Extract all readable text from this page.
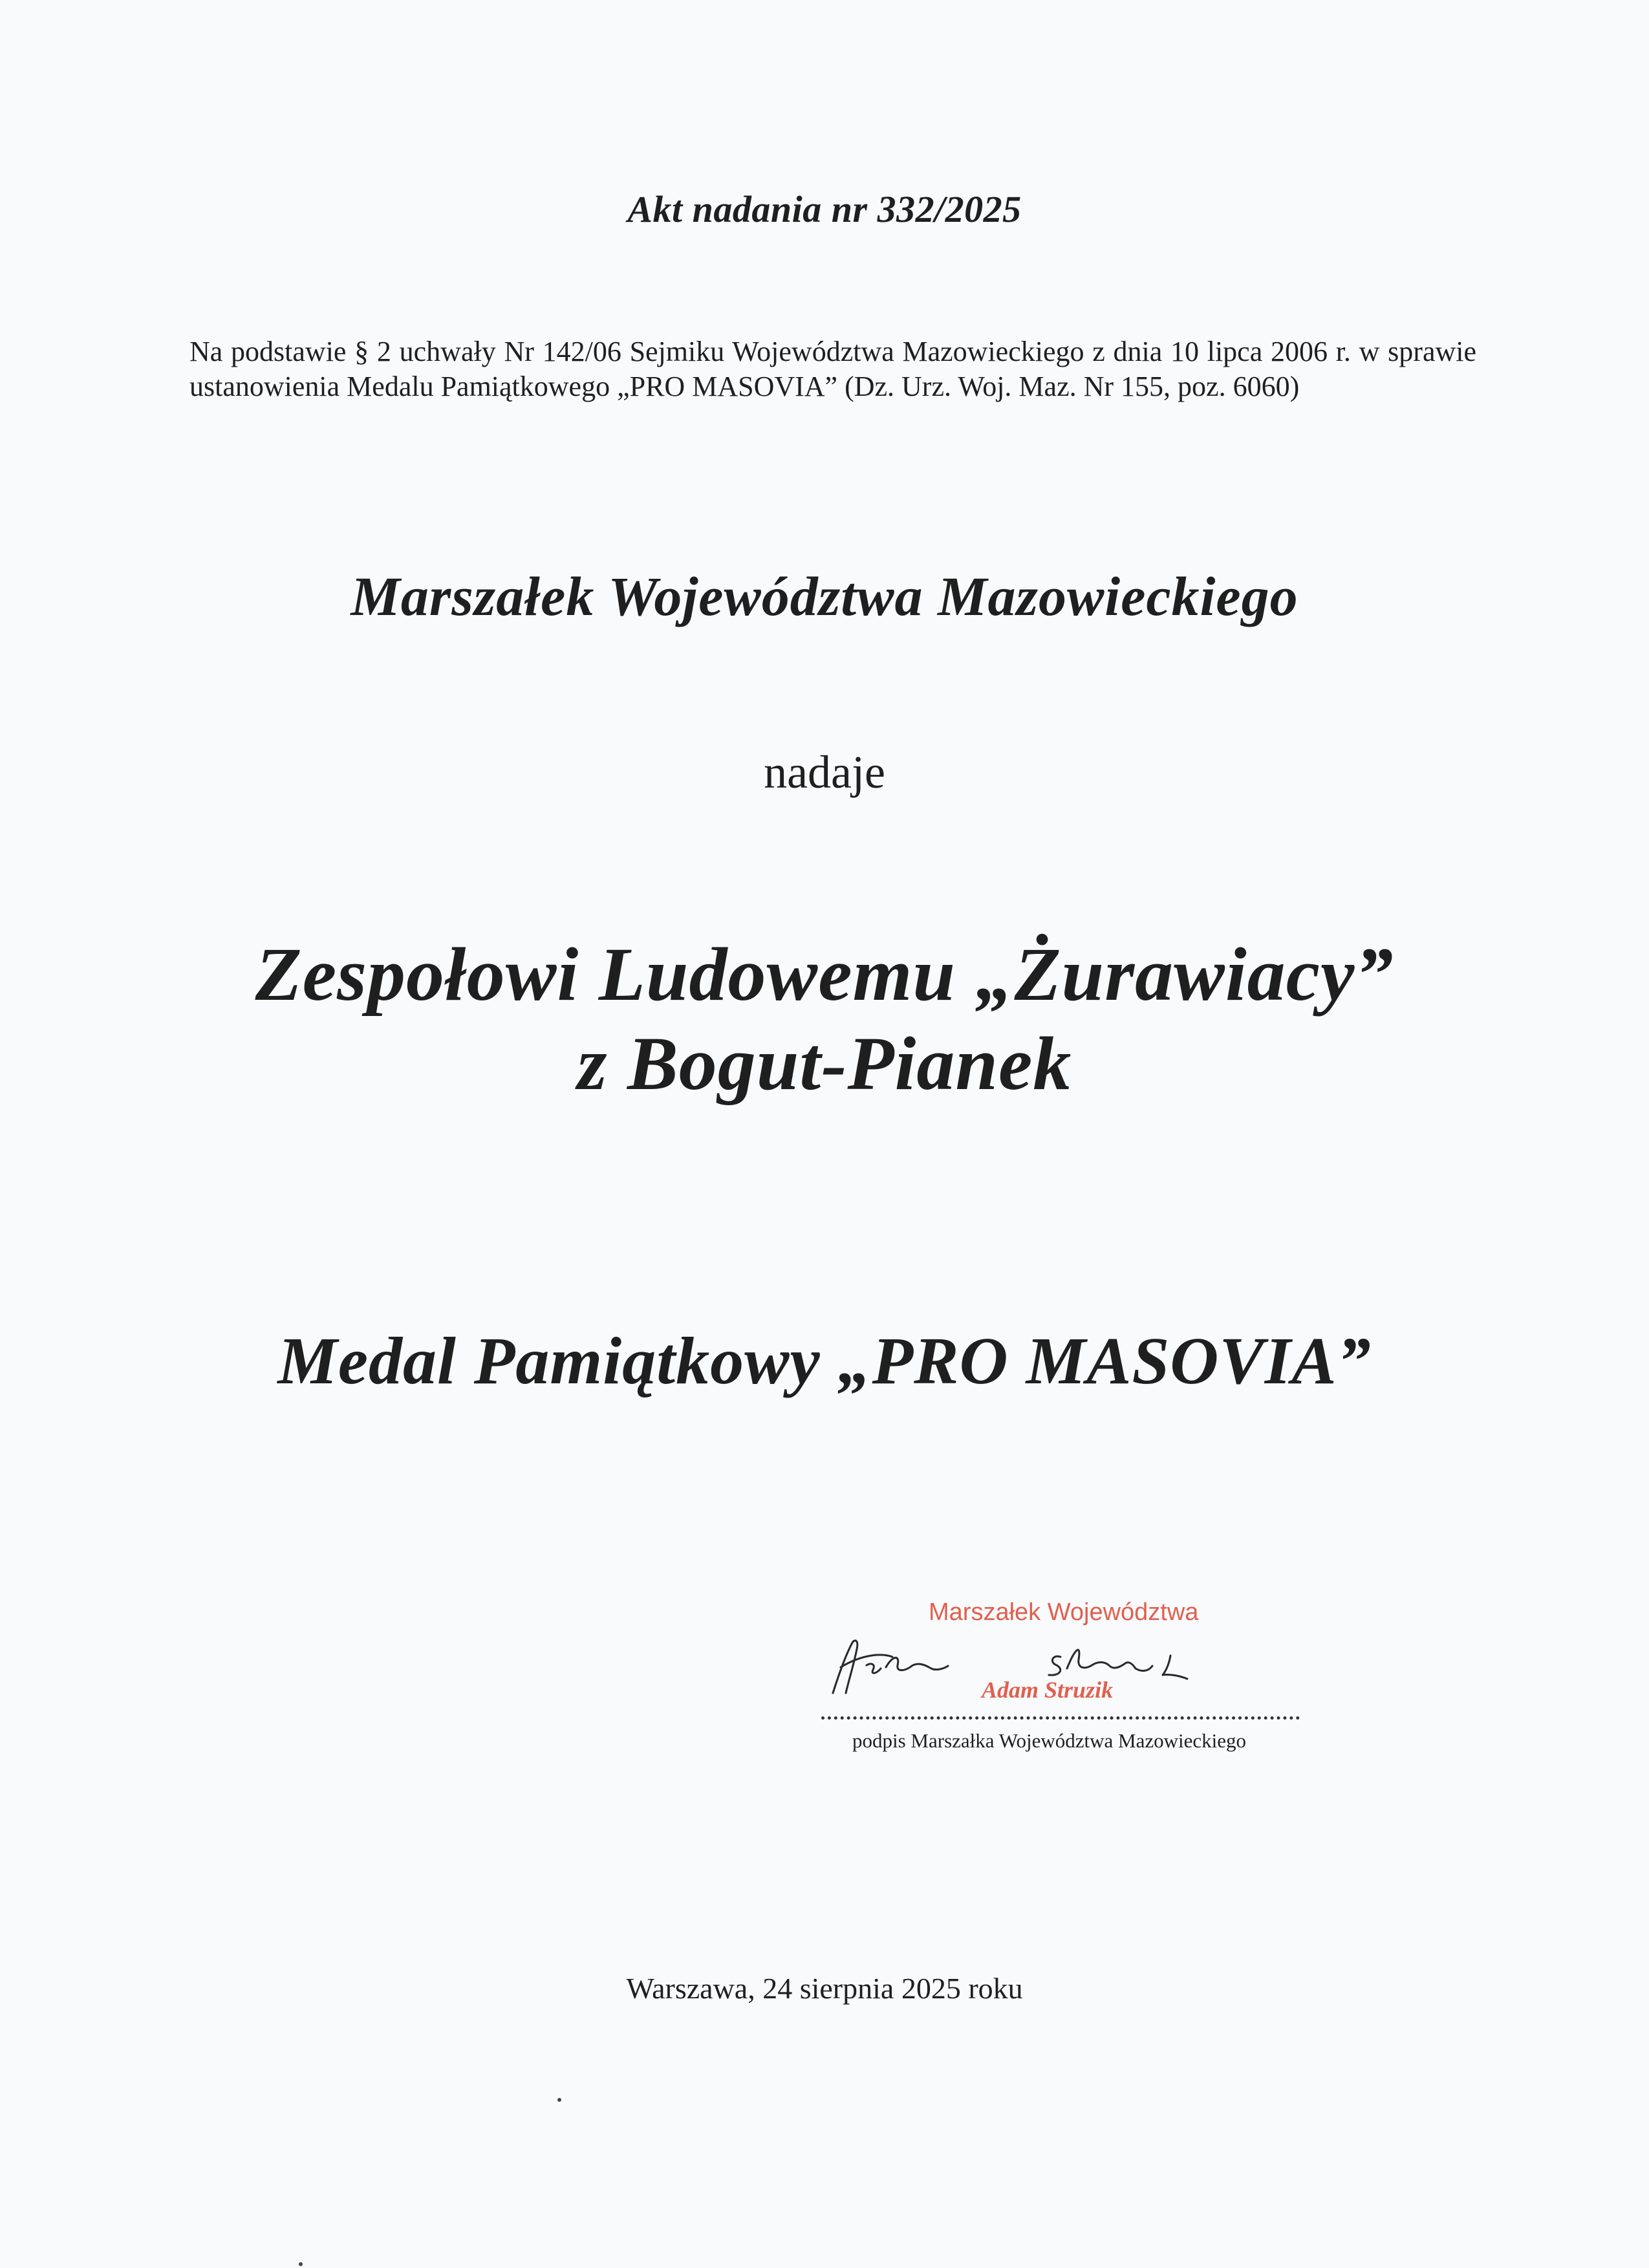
Akt nadania nr 332/2025
Na podstawie § 2 uchwały Nr 142/06 Sejmiku Województwa Mazowieckiego z dnia 10 lipca 2006 r. w sprawie ustanowienia Medalu Pamiątkowego „PRO MASOVIA” (Dz. Urz. Woj. Maz. Nr 155, poz. 6060)
Marszałek Województwa Mazowieckiego
nadaje
Zespołowi Ludowemu „Żurawiacy”
z Bogut-Pianek
Medal Pamiątkowy „PRO MASOVIA”
Marszałek Województwa
Adam Struzik
podpis Marszałka Województwa Mazowieckiego
Warszawa, 24 sierpnia 2025 roku
